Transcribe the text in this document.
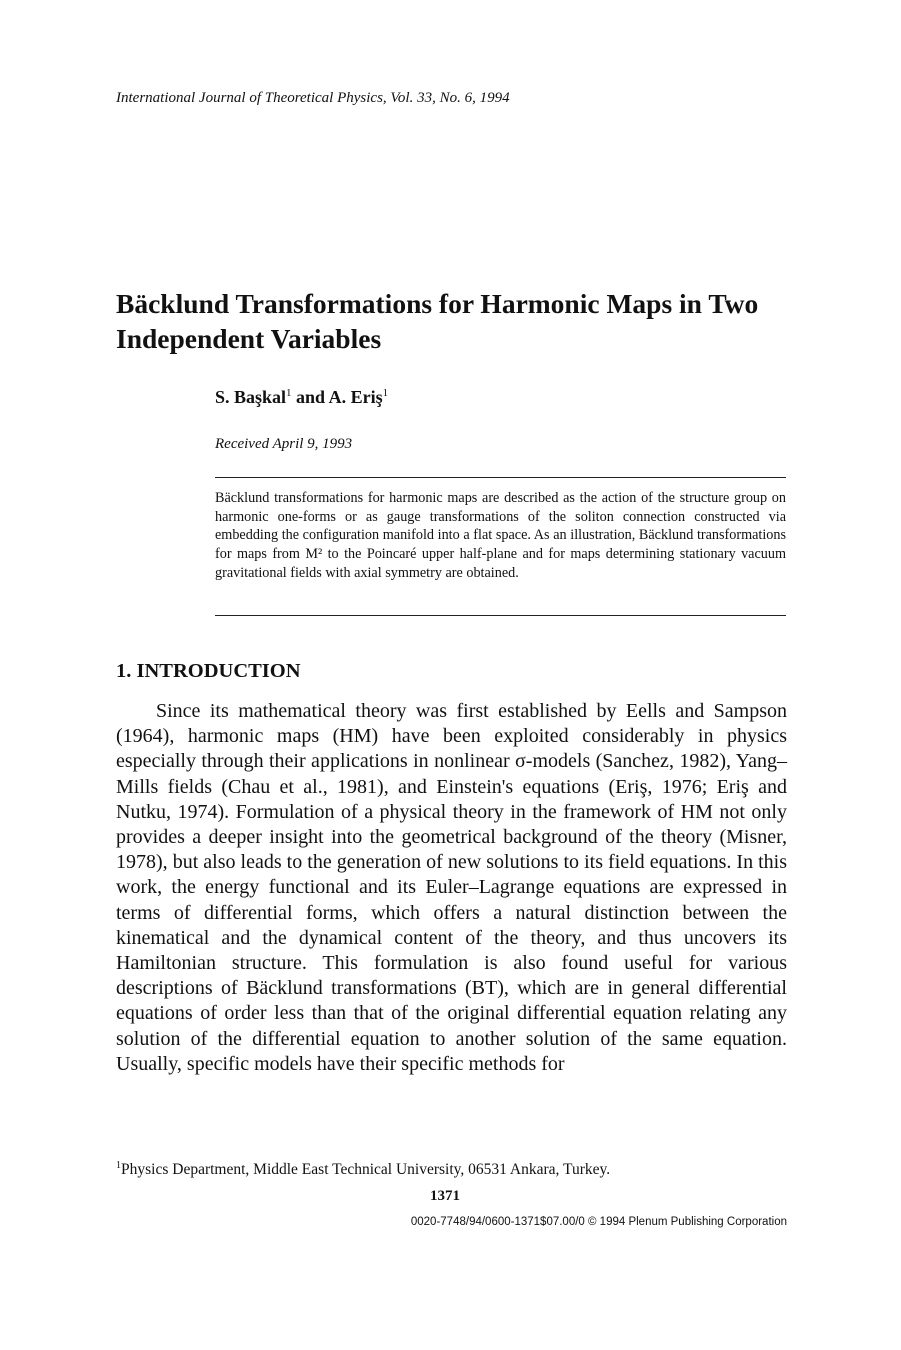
International Journal of Theoretical Physics, Vol. 33, No. 6, 1994
Bäcklund Transformations for Harmonic Maps in Two Independent Variables
S. Başkal$^1$ and A. Eriş$^1$
Received April 9, 1993

Bäcklund transformations for harmonic maps are described as the action of the structure group on harmonic one-forms or as gauge transformations of the soliton connection constructed via embedding the configuration manifold into a flat space. As an illustration, Bäcklund transformations for maps from M² to the Poincaré upper half-plane and for maps determining stationary vacuum gravitational fields with axial symmetry are obtained.

1. INTRODUCTION

Since its mathematical theory was first established by Eells and Sampson (1964), harmonic maps (HM) have been exploited considerably in physics especially through their applications in nonlinear σ-models (Sanchez, 1982), Yang–Mills fields (Chau et al., 1981), and Einstein's equations (Eriş, 1976; Eriş and Nutku, 1974). Formulation of a physical theory in the framework of HM not only provides a deeper insight into the geometrical background of the theory (Misner, 1978), but also leads to the generation of new solutions to its field equations. In this work, the energy functional and its Euler–Lagrange equations are expressed in terms of differential forms, which offers a natural distinction between the kinematical and the dynamical content of the theory, and thus uncovers its Hamiltonian structure. This formulation is also found useful for various descriptions of Bäcklund transformations (BT), which are in general differential equations of order less than that of the original differential equation relating any solution of the differential equation to another solution of the same equation. Usually, specific models have their specific methods for

$^1$Physics Department, Middle East Technical University, 06531 Ankara, Turkey.
1371
0020-7748/94/0600-1371$07.00/0 © 1994 Plenum Publishing Corporation
